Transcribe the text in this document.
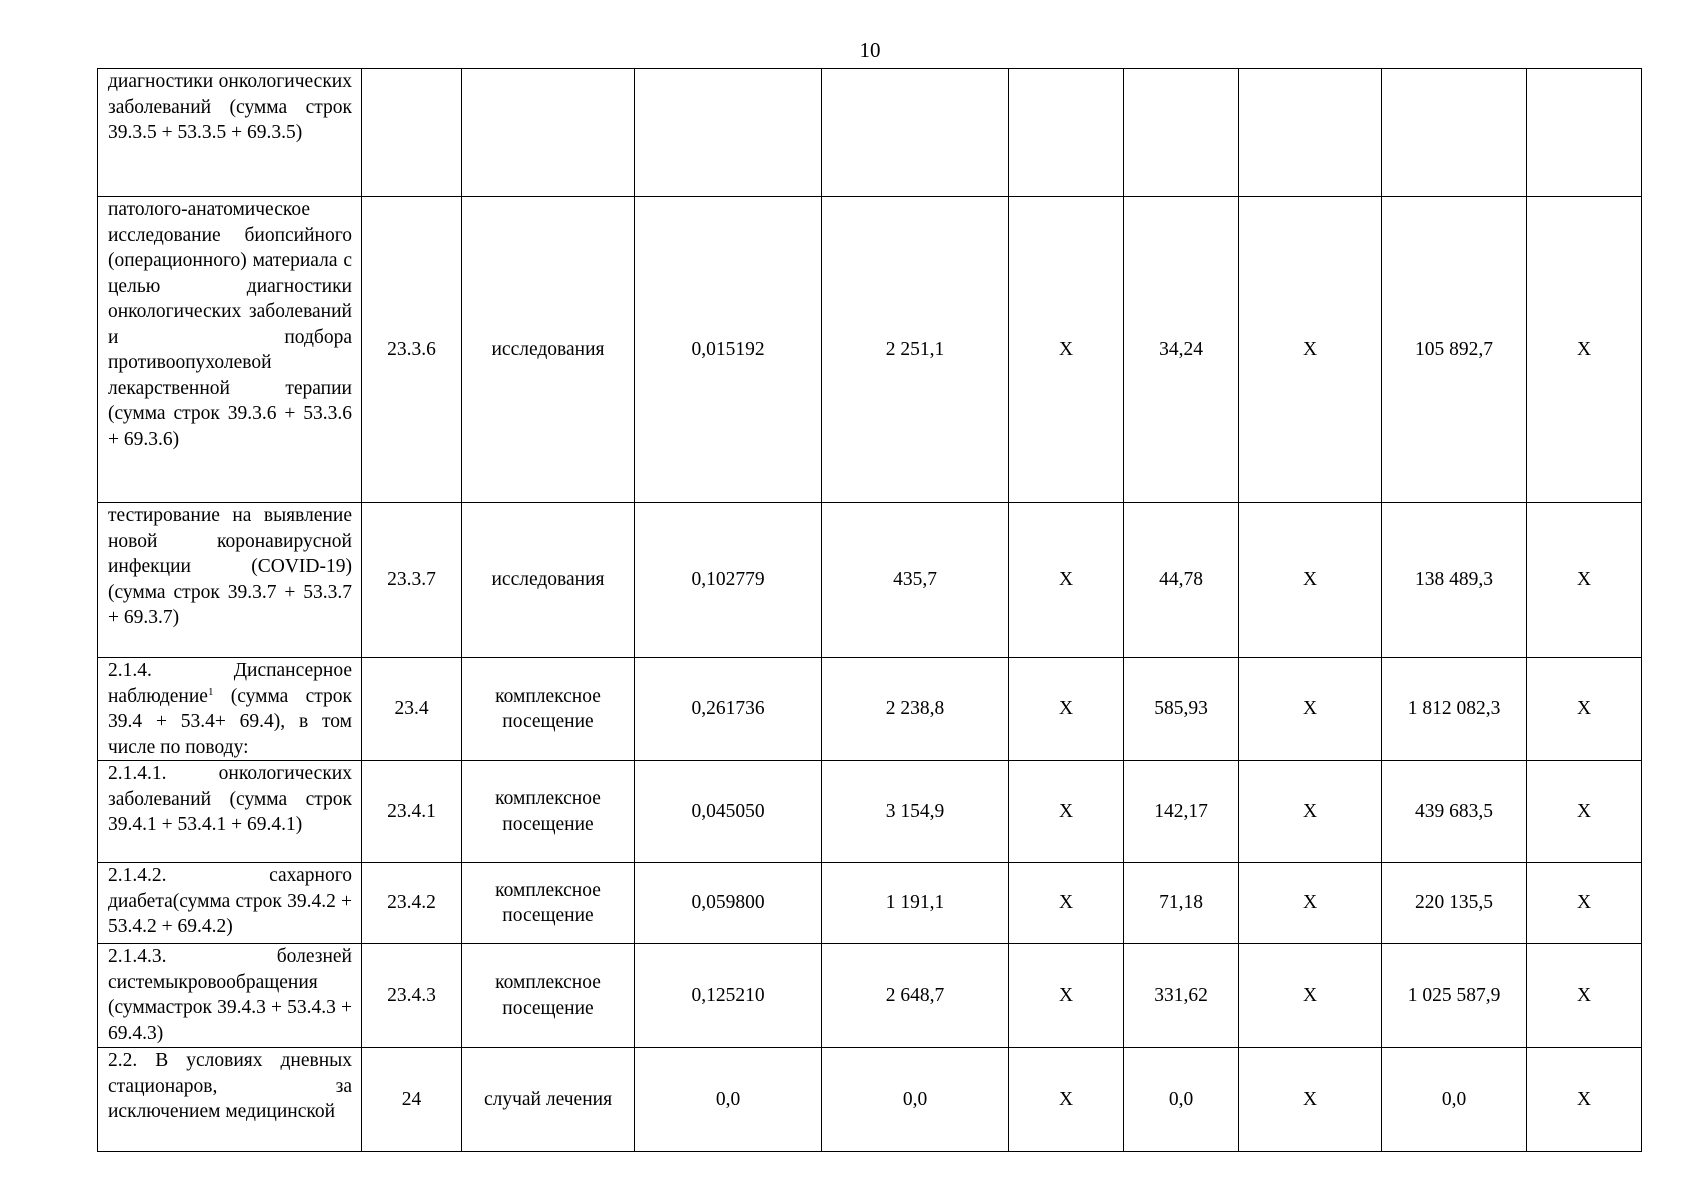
10
диагностики онкологических заболеваний (сумма строк 39.3.5 + 53.3.5 + 69.3.5)									
патолого-анатомическое исследование биопсийного (операционного) материала с целью диагностики онкологических заболеваний и подбора противоопухолевой лекарственной терапии (сумма строк 39.3.6 + 53.3.6 + 69.3.6)	23.3.6	исследования	0,015192	2 251,1	X	34,24	X	105 892,7	X
тестирование на выявление новой коронавирусной инфекции (COVID-19) (сумма строк 39.3.7 + 53.3.7 + 69.3.7)	23.3.7	исследования	0,102779	435,7	X	44,78	X	138 489,3	X
2.1.4. Диспансерное наблюдение$^1$ (сумма строк 39.4 + 53.4+ 69.4), в том числе по поводу:	23.4	комплексное посещение	0,261736	2 238,8	X	585,93	X	1 812 082,3	X
2.1.4.1. онкологических заболеваний (сумма строк 39.4.1 + 53.4.1 + 69.4.1)	23.4.1	комплексное посещение	0,045050	3 154,9	X	142,17	X	439 683,5	X
2.1.4.2. сахарного диабета(сумма строк 39.4.2 + 53.4.2 + 69.4.2)	23.4.2	комплексное посещение	0,059800	1 191,1	X	71,18	X	220 135,5	X
2.1.4.3. болезней системыкровообращения (суммастрок 39.4.3 + 53.4.3 + 69.4.3)	23.4.3	комплексное посещение	0,125210	2 648,7	X	331,62	X	1 025 587,9	X
2.2. В условиях дневных стационаров, за исключением медицинской	24	случай лечения	0,0	0,0	X	0,0	X	0,0	X
